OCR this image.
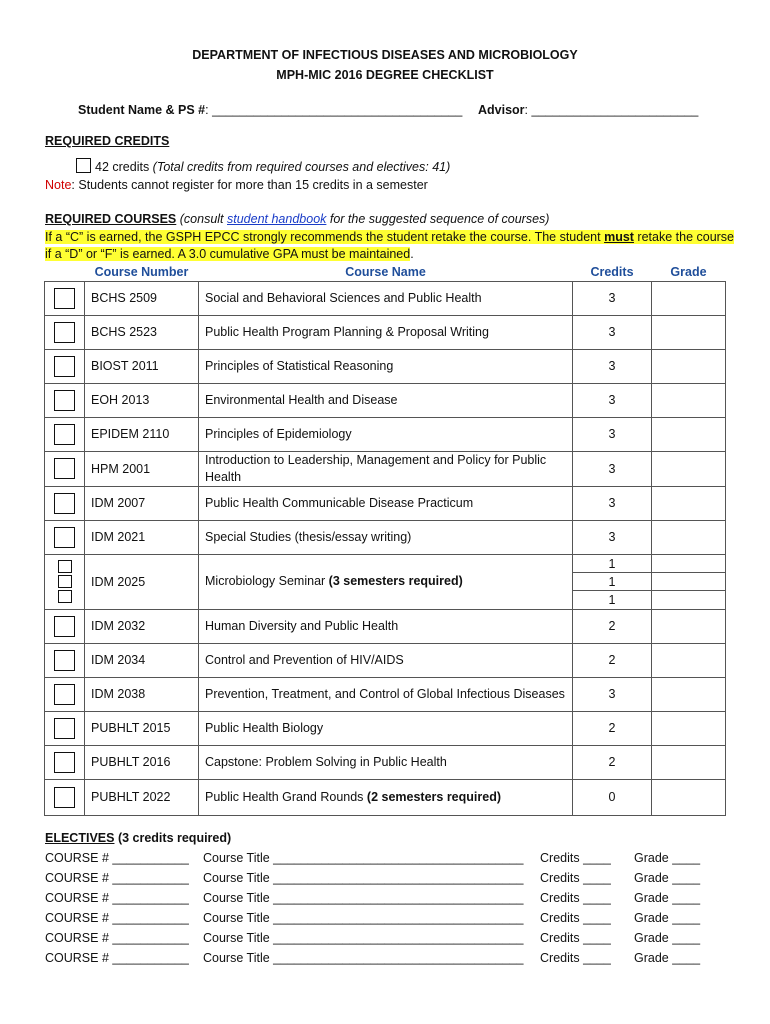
DEPARTMENT OF INFECTIOUS DISEASES AND MICROBIOLOGY
MPH-MIC 2016 DEGREE CHECKLIST
Student Name & PS #: ____________________________________ Advisor: ________________________
REQUIRED CREDITS
42 credits (Total credits from required courses and electives: 41)
Note: Students cannot register for more than 15 credits in a semester
REQUIRED COURSES (consult student handbook for the suggested sequence of courses)
If a “C” is earned, the GSPH EPCC strongly recommends the student retake the course. The student must retake the course
if a “D” or “F” is earned. A 3.0 cumulative GPA must be maintained.
	Course Number	Course Name	Credits	Grade
	BCHS 2509	Social and Behavioral Sciences and Public Health	3	
	BCHS 2523	Public Health Program Planning & Proposal Writing	3	
	BIOST 2011	Principles of Statistical Reasoning	3	
	EOH 2013	Environmental Health and Disease	3	
	EPIDEM 2110	Principles of Epidemiology	3	
	HPM 2001	Introduction to Leadership, Management and Policy for Public Health	3	
	IDM 2007	Public Health Communicable Disease Practicum	3	
	IDM 2021	Special Studies (thesis/essay writing)	3	

	IDM 2025	Microbiology Seminar (3 semesters required)	1
1
1	

	IDM 2032	Human Diversity and Public Health	2	
	IDM 2034	Control and Prevention of HIV/AIDS	2	
	IDM 2038	Prevention, Treatment, and Control of Global Infectious Diseases	3	
	PUBHLT 2015	Public Health Biology	2	
	PUBHLT 2016	Capstone: Problem Solving in Public Health	2	
	PUBHLT 2022	Public Health Grand Rounds (2 semesters required)	0	
ELECTIVES (3 credits required)
COURSE # ___________ Course Title ____________________________________ Credits ____ Grade ____
COURSE # ___________ Course Title ____________________________________ Credits ____ Grade ____
COURSE # ___________ Course Title ____________________________________ Credits ____ Grade ____
COURSE # ___________ Course Title ____________________________________ Credits ____ Grade ____
COURSE # ___________ Course Title ____________________________________ Credits ____ Grade ____
COURSE # ___________ Course Title ____________________________________ Credits ____ Grade ____
